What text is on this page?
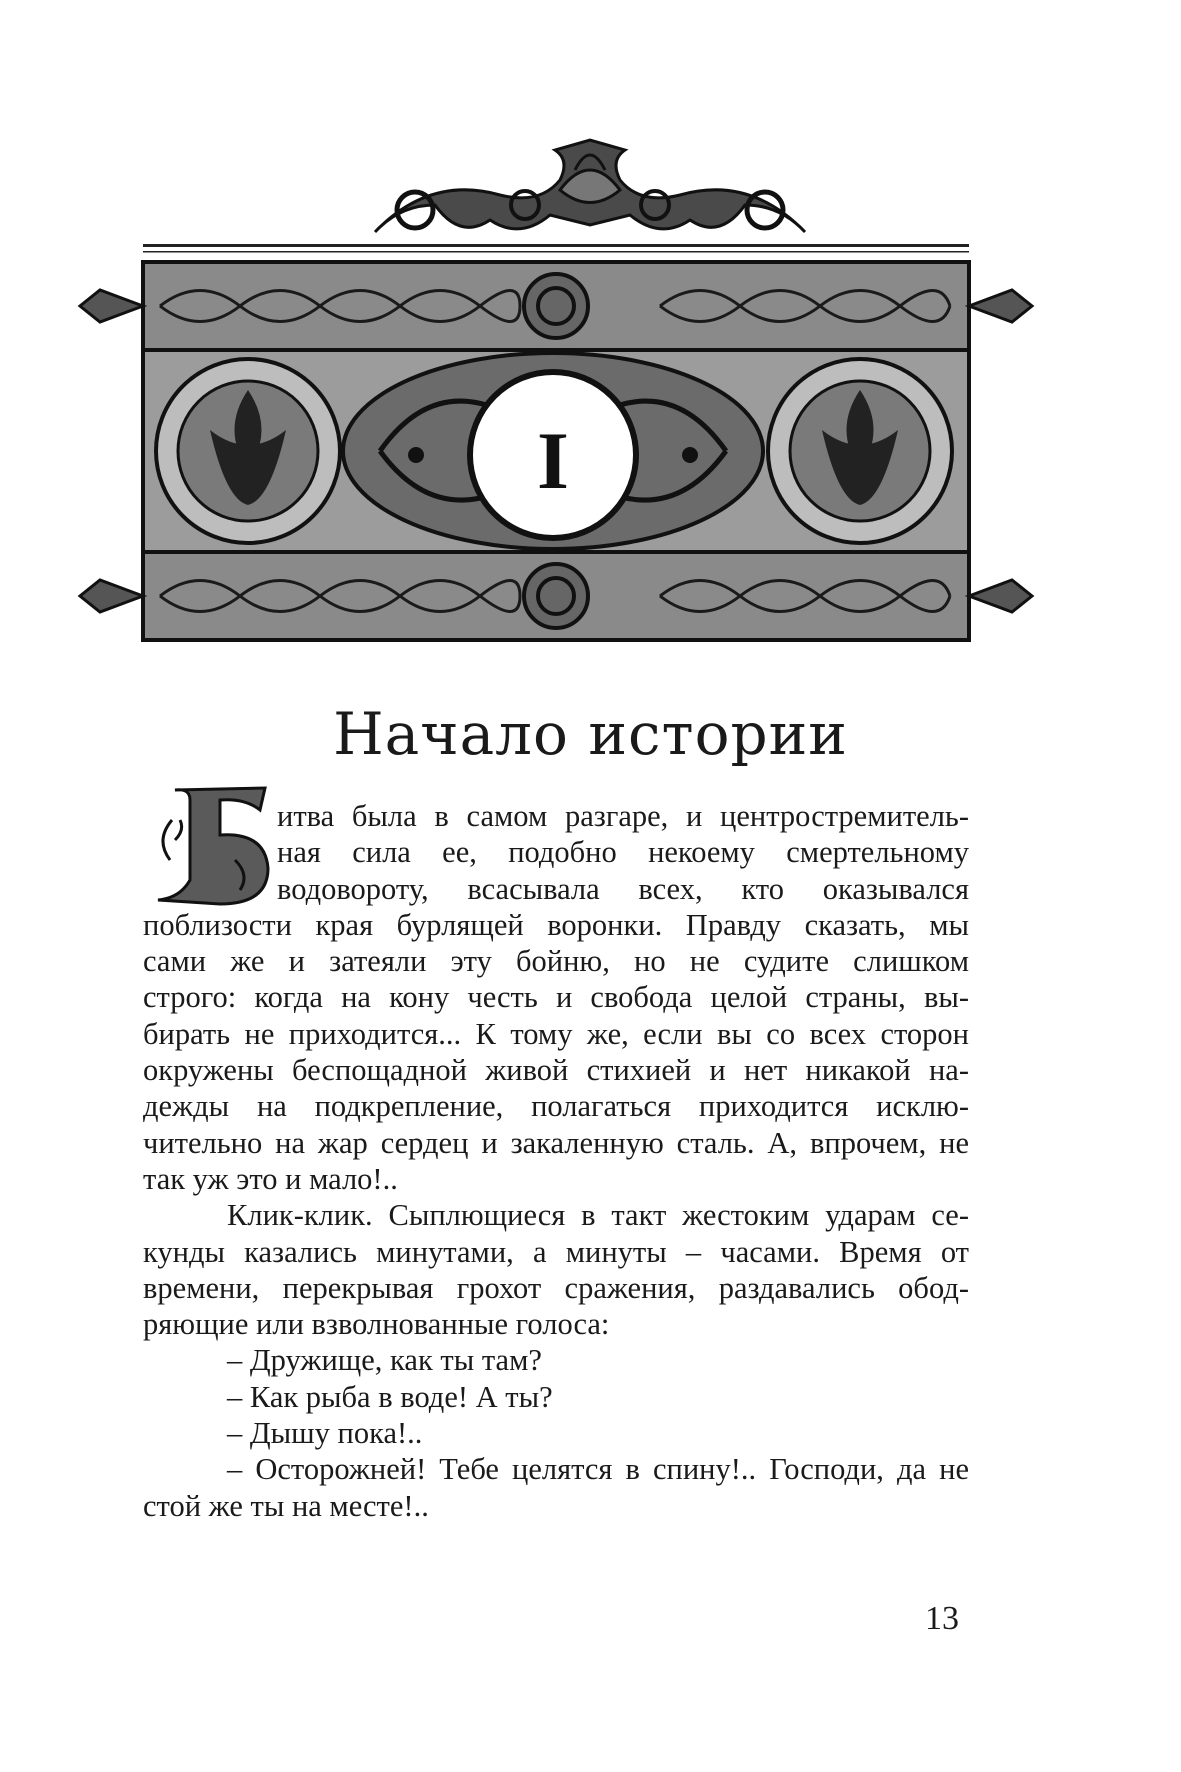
I
Начало истории
Б итва была в самом разгаре, и центростремитель-
ная сила ее, подобно некоему смертельному
водовороту, всасывала всех, кто оказывался
поблизости края бурлящей воронки. Правду сказать, мы
сами же и затеяли эту бойню, но не судите слишком
строго: когда на кону честь и свобода целой страны, вы-
бирать не приходится... К тому же, если вы со всех сторон
окружены беспощадной живой стихией и нет никакой на-
дежды на подкрепление, полагаться приходится исклю-
чительно на жар сердец и закаленную сталь. А, впрочем, не
так уж это и мало!..
Клик-клик. Сыплющиеся в такт жестоким ударам се-
кунды казались минутами, а минуты – часами. Время от
времени, перекрывая грохот сражения, раздавались обод-
ряющие или взволнованные голоса:
– Дружище, как ты там?
– Как рыба в воде! А ты?
– Дышу пока!..
– Осторожней! Тебе целятся в спину!.. Господи, да не
стой же ты на месте!..
13
